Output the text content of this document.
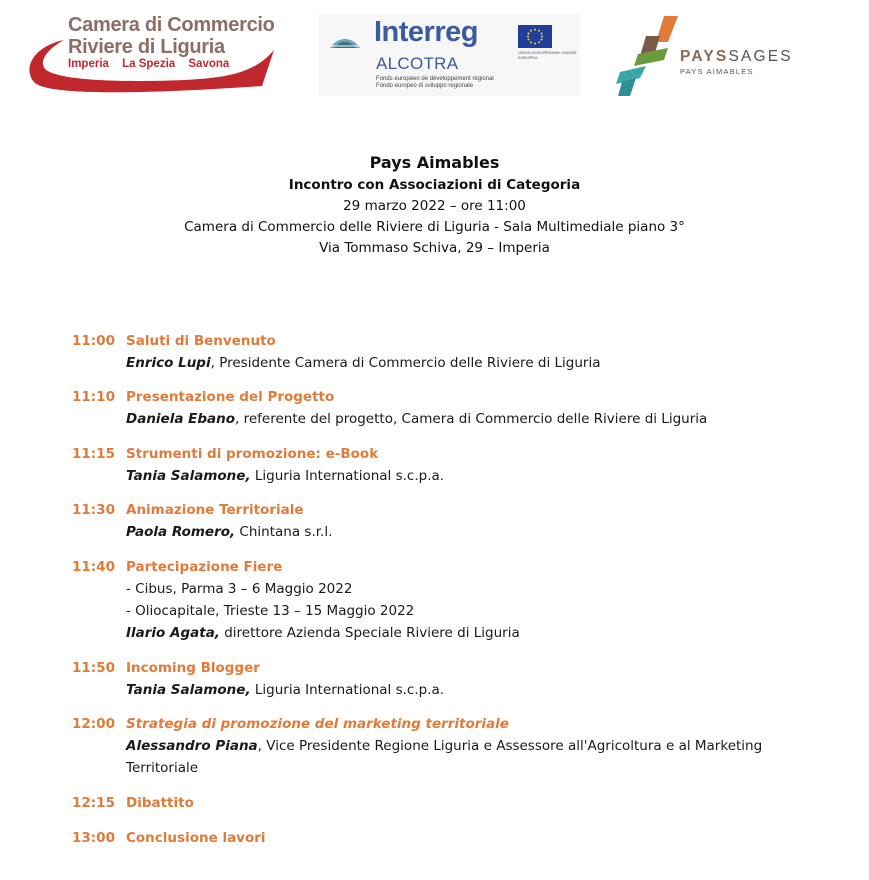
Camera di Commercio
Riviere di Liguria
Imperia La Spezia Savona
Interreg
ALCOTRA
Fonds européen de développement régional
Fondo europeo di sviluppo regionale
UNION EUROPÉENNE UNIONE EUROPEA	PAYSSAGES
PAYS AIMABLES
Pays Aimables
Incontro con Associazioni di Categoria
29 marzo 2022 – ore 11:00
Camera di Commercio delle Riviere di Liguria - Sala Multimediale piano 3°
Via Tommaso Schiva, 29 – Imperia
11:00 Saluti di Benvenuto
Enrico Lupi, Presidente Camera di Commercio delle Riviere di Liguria
11:10 Presentazione del Progetto
Daniela Ebano, referente del progetto, Camera di Commercio delle Riviere di Liguria
11:15 Strumenti di promozione: e-Book
Tania Salamone, Liguria International s.c.p.a.
11:30 Animazione Territoriale
Paola Romero, Chintana s.r.l.
11:40 Partecipazione Fiere
- Cibus, Parma 3 – 6 Maggio 2022
- Oliocapitale, Trieste 13 – 15 Maggio 2022
Ilario Agata, direttore Azienda Speciale Riviere di Liguria
11:50 Incoming Blogger
Tania Salamone, Liguria International s.c.p.a.
12:00 Strategia di promozione del marketing territoriale
Alessandro Piana, Vice Presidente Regione Liguria e Assessore all'Agricoltura e al Marketing Territoriale
12:15 Dibattito
13:00 Conclusione lavori
